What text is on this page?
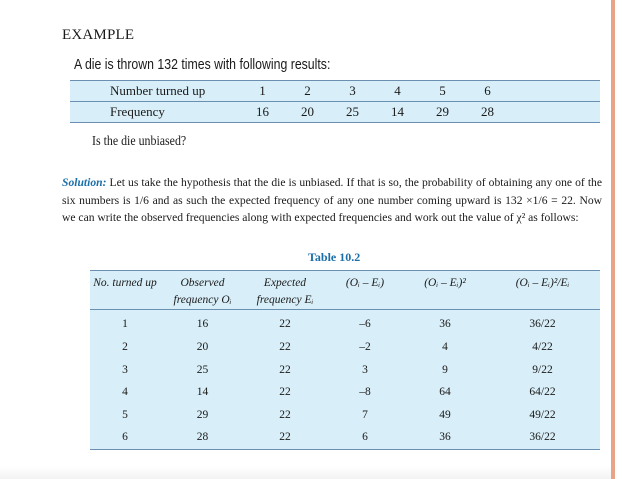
EXAMPLE
A die is thrown 132 times with following results:
Number turned up	1	2	3	4	5	6	
Frequency	16	20	25	14	29	28	
Is the die unbiased?
Solution: Let us take the hypothesis that the die is unbiased. If that is so, the probability of obtaining any one of the six numbers is 1/6 and as such the expected frequency of any one number coming upward is 132 ×1/6 = 22. Now we can write the observed frequencies along with expected frequencies and work out the value of χ² as follows:
Table 10.2
No. turned up	Observed frequency Oᵢ	Expected frequency Eᵢ	(Oᵢ – Eᵢ)	(Oᵢ – Eᵢ)²	(Oᵢ – Eᵢ)²/Eᵢ
1	16	22	–6	36	36/22
2	20	22	–2	4	4/22
3	25	22	3	9	9/22
4	14	22	–8	64	64/22
5	29	22	7	49	49/22
6	28	22	6	36	36/22
